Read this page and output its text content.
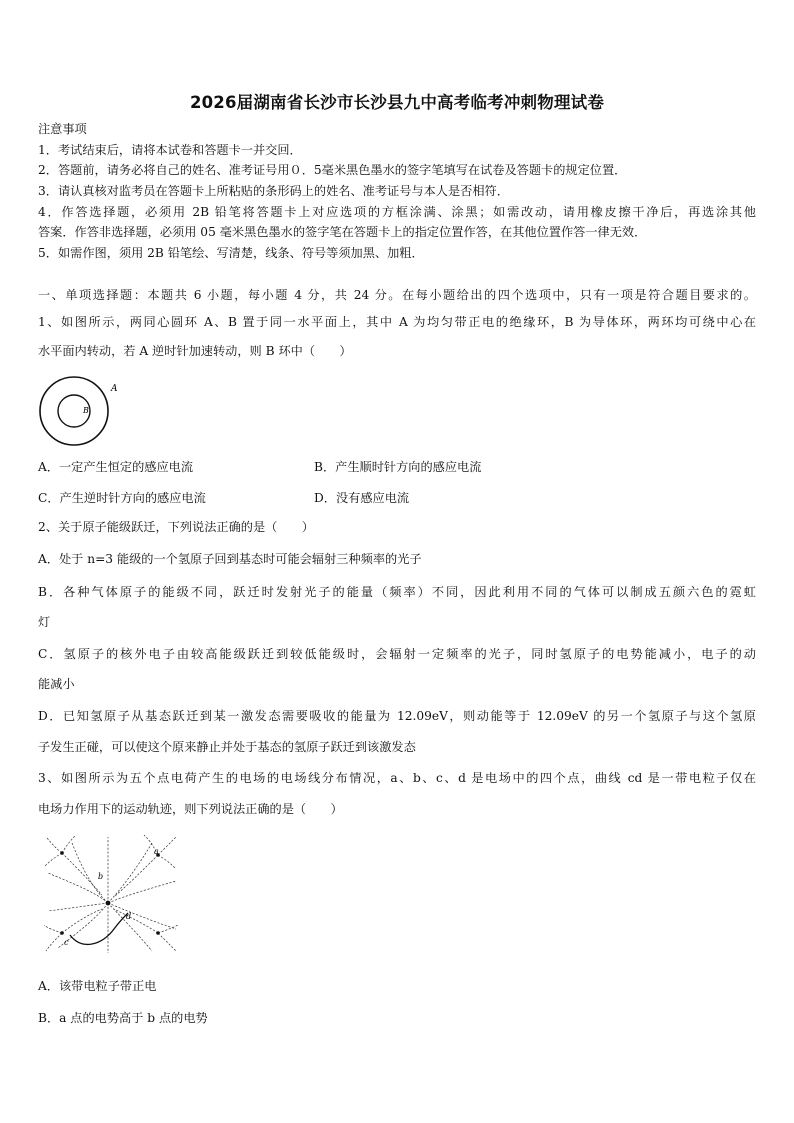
2026届湖南省长沙市长沙县九中高考临考冲刺物理试卷
注意事项
1．考试结束后，请将本试卷和答题卡一并交回．
2．答题前，请务必将自己的姓名、准考证号用０．5毫米黑色墨水的签字笔填写在试卷及答题卡的规定位置．
3．请认真核对监考员在答题卡上所粘贴的条形码上的姓名、准考证号与本人是否相符．
4．作答选择题，必须用 2B 铅笔将答题卡上对应选项的方框涂满、涂黑；如需改动，请用橡皮擦干净后，再选涂其他
答案．作答非选择题，必须用 05 毫米黑色墨水的签字笔在答题卡上的指定位置作答，在其他位置作答一律无效．
5．如需作图，须用 2B 铅笔绘、写清楚，线条、符号等须加黑、加粗．
一、单项选择题：本题共 6 小题，每小题 4 分，共 24 分。在每小题给出的四个选项中，只有一项是符合题目要求的。
1、如图所示，两同心圆环 A、B 置于同一水平面上，其中 A 为均匀带正电的绝缘环，B 为导体环，两环均可绕中心在
水平面内转动，若 A 逆时针加速转动，则 B 环中（　　）
A
B
A．一定产生恒定的感应电流	B．产生顺时针方向的感应电流
C．产生逆时针方向的感应电流	D．没有感应电流
2、关于原子能级跃迁，下列说法正确的是（　　）
A．处于 n=3 能级的一个氢原子回到基态时可能会辐射三种频率的光子
B．各种气体原子的能级不同，跃迁时发射光子的能量（频率）不同，因此利用不同的气体可以制成五颜六色的霓虹
灯
C．氢原子的核外电子由较高能级跃迁到较低能级时，会辐射一定频率的光子，同时氢原子的电势能减小，电子的动
能减小
D．已知氢原子从基态跃迁到某一激发态需要吸收的能量为 12.09eV，则动能等于 12.09eV 的另一个氢原子与这个氢原
子发生正碰，可以使这个原来静止并处于基态的氢原子跃迁到该激发态
3、如图所示为五个点电荷产生的电场的电场线分布情况，a、b、c、d 是电场中的四个点，曲线 cd 是一带电粒子仅在
电场力作用下的运动轨迹，则下列说法正确的是（　　）
a
b
c
d
A．该带电粒子带正电
B．a 点的电势高于 b 点的电势
